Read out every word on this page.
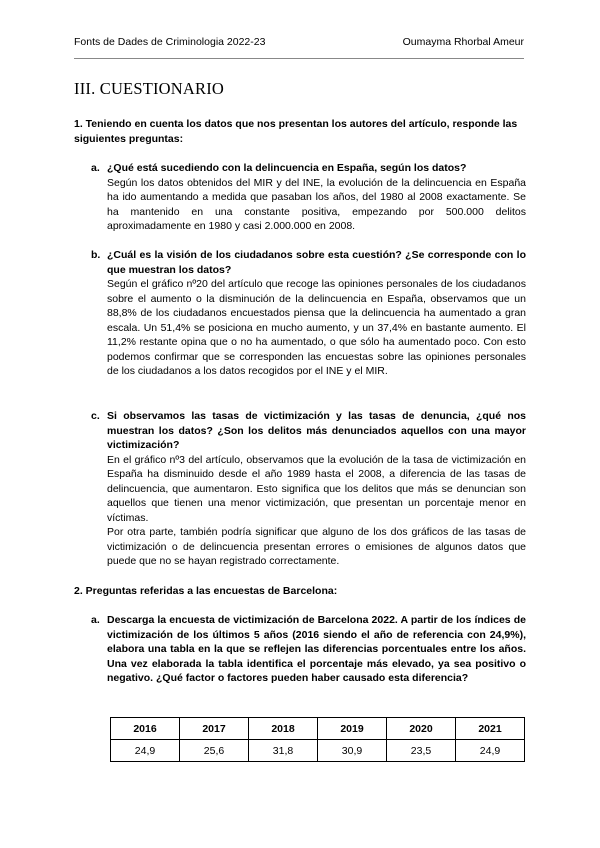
Fonts de Dades de Criminologia 2022-23	Oumayma Rhorbal Ameur
III. CUESTIONARIO
1. Teniendo en cuenta los datos que nos presentan los autores del artículo, responde las siguientes preguntas:
a. ¿Qué está sucediendo con la delincuencia en España, según los datos?

Según los datos obtenidos del MIR y del INE, la evolución de la delincuencia en España ha ido aumentando a medida que pasaban los años, del 1980 al 2008 exactamente. Se ha mantenido en una constante positiva, empezando por 500.000 delitos aproximadamente en 1980 y casi 2.000.000 en 2008.

b. ¿Cuál es la visión de los ciudadanos sobre esta cuestión? ¿Se corresponde con lo que muestran los datos?

Según el gráfico nº20 del artículo que recoge las opiniones personales de los ciudadanos sobre el aumento o la disminución de la delincuencia en España, observamos que un 88,8% de los ciudadanos encuestados piensa que la delincuencia ha aumentado a gran escala. Un 51,4% se posiciona en mucho aumento, y un 37,4% en bastante aumento. El 11,2% restante opina que o no ha aumentado, o que sólo ha aumentado poco. Con esto podemos confirmar que se corresponden las encuestas sobre las opiniones personales de los ciudadanos a los datos recogidos por el INE y el MIR.

c. Si observamos las tasas de victimización y las tasas de denuncia, ¿qué nos muestran los datos? ¿Son los delitos más denunciados aquellos con una mayor victimización?

En el gráfico nº3 del artículo, observamos que la evolución de la tasa de victimización en España ha disminuido desde el año 1989 hasta el 2008, a diferencia de las tasas de delincuencia, que aumentaron. Esto significa que los delitos que más se denuncian son aquellos que tienen una menor victimización, que presentan un porcentaje menor en víctimas.

Por otra parte, también podría significar que alguno de los dos gráficos de las tasas de victimización o de delincuencia presentan errores o emisiones de algunos datos que puede que no se hayan registrado correctamente.

2. Preguntas referidas a las encuestas de Barcelona:
a. Descarga la encuesta de victimización de Barcelona 2022. A partir de los índices de victimización de los últimos 5 años (2016 siendo el año de referencia con 24,9%), elabora una tabla en la que se reflejen las diferencias porcentuales entre los años. Una vez elaborada la tabla identifica el porcentaje más elevado, ya sea positivo o negativo. ¿Qué factor o factores pueden haber causado esta diferencia?
2016	2017	2018	2019	2020	2021
24,9	25,6	31,8	30,9	23,5	24,9
